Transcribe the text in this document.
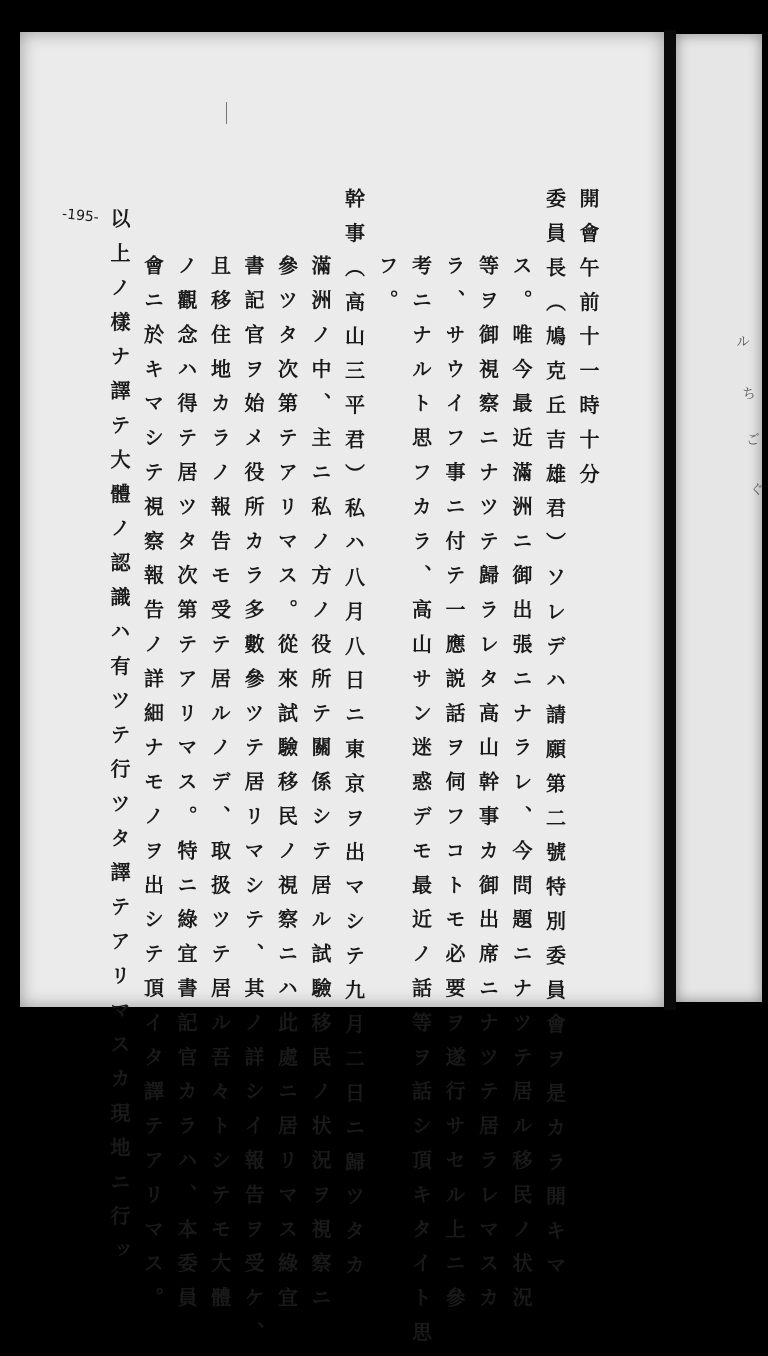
ル
ち
ご
ぐ
-195-	開會午前十一時十分
委員長（鳩克丘吉雄君）ソレデハ請願第二號特別委員會ヲ是カラ開キマ
ス。唯今最近滿洲ニ御出張ニナラレ、今問題ニナツテ居ル移民ノ状況
等ヲ御視察ニナツテ歸ラレタ高山幹事カ御出席ニナツテ居ラレマスカ
ラ、サウイフ事ニ付テ一應説話ヲ伺フコトモ必要ヲ遂行サセル上ニ參
考ニナルト思フカラ、高山サン迷惑デモ最近ノ話等ヲ話シ頂キタイト思
フ。
幹事（高山三平君）私ハ八月八日ニ東京ヲ出マシテ九月二日ニ歸ツタカ
滿洲ノ中、主ニ私ノ方ノ役所テ關係シテ居ル試驗移民ノ状況ヲ視察ニ
參ツタ次第テアリマス。從來試驗移民ノ視察ニハ此處ニ居リマス綠宜
書記官ヲ始メ役所カラ多數參ツテ居リマシテ、其ノ詳シイ報告ヲ受ケ、
且移住地カラノ報告モ受テ居ルノデ、取扱ツテ居ル吾々トシテモ大體
ノ觀念ハ得テ居ツタ次第テアリマス。特ニ綠宜書記官カラハ、本委員
會ニ於キマシテ視察報告ノ詳細ナモノヲ出シテ頂イタ譯テアリマス。
以上ノ樣ナ譯テ大體ノ認識ハ有ツテ行ツタ譯テアリマスカ現地ニ行ッ
